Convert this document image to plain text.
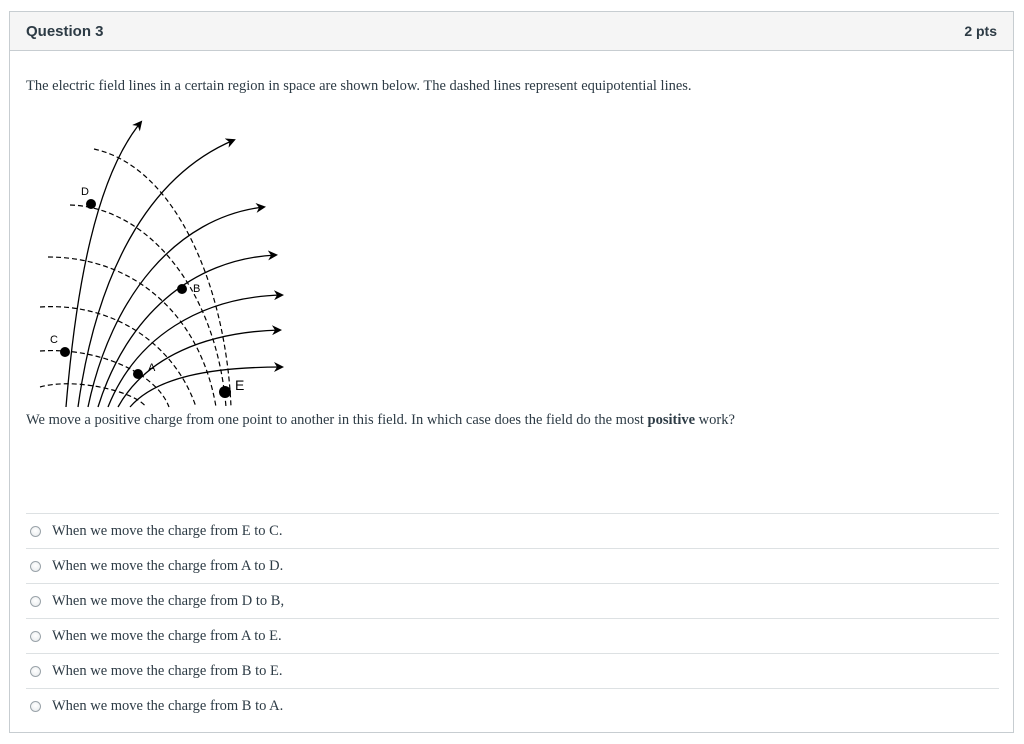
Question 3	2 pts

The electric field lines in a certain region in space are shown below. The dashed lines represent equipotential lines.

D
B
C
A
E

We move a positive charge from one point to another in this field. In which case does the field do the most positive work?

When we move the charge from E to C.
When we move the charge from A to D.
When we move the charge from D to B,
When we move the charge from A to E.
When we move the charge from B to E.
When we move the charge from B to A.
